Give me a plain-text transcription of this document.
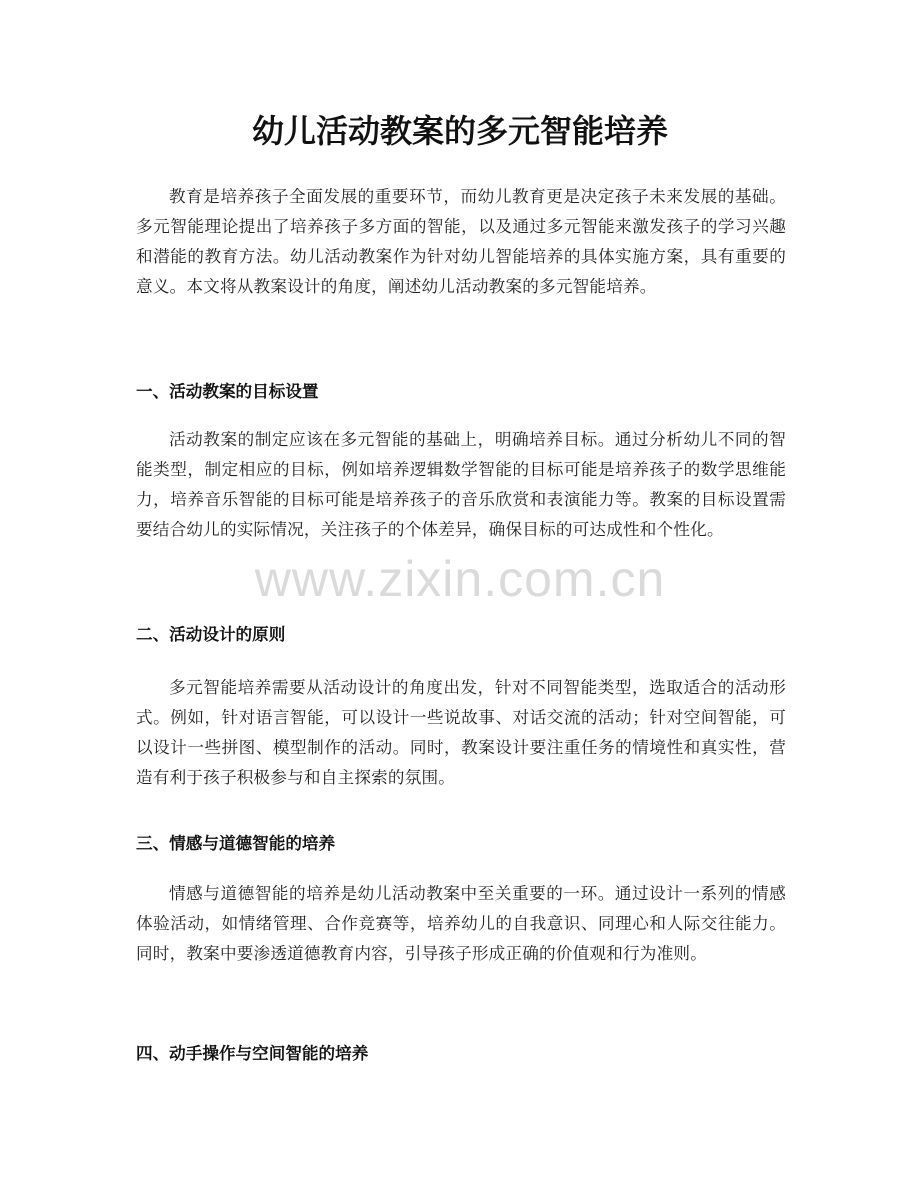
幼儿活动教案的多元智能培养

教育是培养孩子全面发展的重要环节，而幼儿教育更是决定孩子未来发展的基础。多元智能理论提出了培养孩子多方面的智能，以及通过多元智能来激发孩子的学习兴趣和潜能的教育方法。幼儿活动教案作为针对幼儿智能培养的具体实施方案，具有重要的意义。本文将从教案设计的角度，阐述幼儿活动教案的多元智能培养。

一、活动教案的目标设置

活动教案的制定应该在多元智能的基础上，明确培养目标。通过分析幼儿不同的智能类型，制定相应的目标，例如培养逻辑数学智能的目标可能是培养孩子的数学思维能力，培养音乐智能的目标可能是培养孩子的音乐欣赏和表演能力等。教案的目标设置需要结合幼儿的实际情况，关注孩子的个体差异，确保目标的可达成性和个性化。

二、活动设计的原则

多元智能培养需要从活动设计的角度出发，针对不同智能类型，选取适合的活动形式。例如，针对语言智能，可以设计一些说故事、对话交流的活动；针对空间智能，可以设计一些拼图、模型制作的活动。同时，教案设计要注重任务的情境性和真实性，营造有利于孩子积极参与和自主探索的氛围。

三、情感与道德智能的培养

情感与道德智能的培养是幼儿活动教案中至关重要的一环。通过设计一系列的情感体验活动，如情绪管理、合作竞赛等，培养幼儿的自我意识、同理心和人际交往能力。同时，教案中要渗透道德教育内容，引导孩子形成正确的价值观和行为准则。

四、动手操作与空间智能的培养
www.zixin.com.cn
